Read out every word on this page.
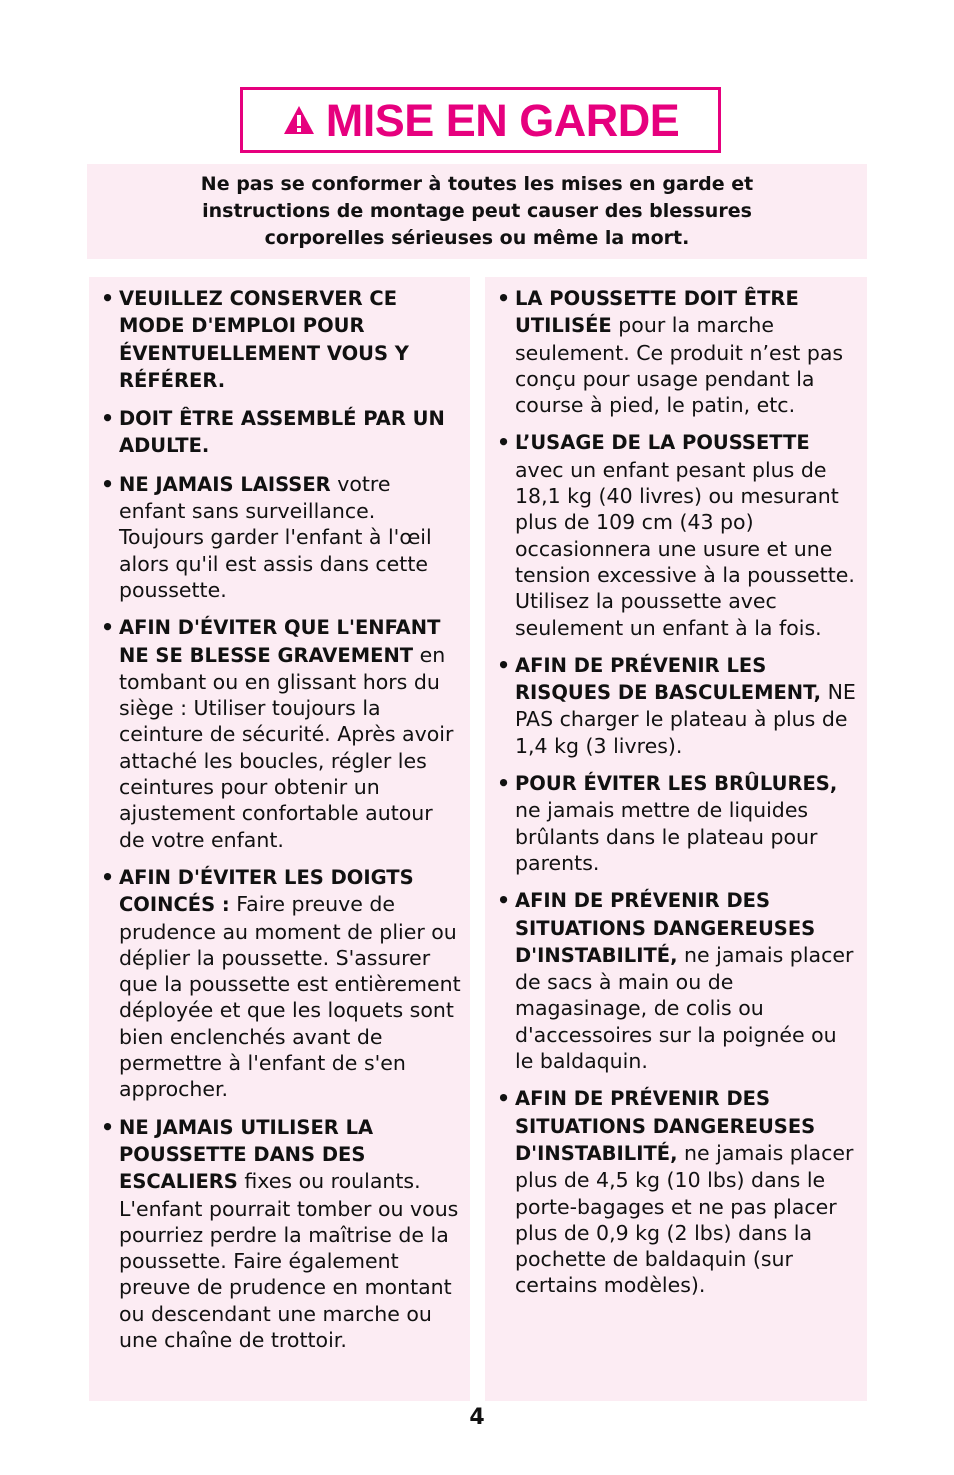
MISE EN GARDE
Ne pas se conformer à toutes les mises en garde et instructions de montage peut causer des blessures corporelles sérieuses ou même la mort.
• VEUILLEZ CONSERVER CE MODE D'EMPLOI POUR ÉVENTUELLEMENT VOUS Y RÉFÉRER.
• DOIT ÊTRE ASSEMBLÉ PAR UN ADULTE.
• NE JAMAIS LAISSER votre enfant sans surveillance. Toujours garder l'enfant à l'œil alors qu'il est assis dans cette poussette.
• AFIN D'ÉVITER QUE L'ENFANT NE SE BLESSE GRAVEMENT en tombant ou en glissant hors du siège : Utiliser toujours la ceinture de sécurité. Après avoir attaché les boucles, régler les ceintures pour obtenir un ajustement confortable autour de votre enfant.
• AFIN D'ÉVITER LES DOIGTS COINCÉS : Faire preuve de prudence au moment de plier ou déplier la poussette. S'assurer que la poussette est entièrement déployée et que les loquets sont bien enclenchés avant de permettre à l'enfant de s'en approcher.
• NE JAMAIS UTILISER LA POUSSETTE DANS DES ESCALIERS fixes ou roulants. L'enfant pourrait tomber ou vous pourriez perdre la maîtrise de la poussette. Faire également preuve de prudence en montant ou descendant une marche ou une chaîne de trottoir.
• LA POUSSETTE DOIT ÊTRE UTILISÉE pour la marche seulement. Ce produit n’est pas conçu pour usage pendant la course à pied, le patin, etc.
• L’USAGE DE LA POUSSETTE avec un enfant pesant plus de 18,1 kg (40 livres) ou mesurant plus de 109 cm (43 po) occasionnera une usure et une tension excessive à la poussette. Utilisez la poussette avec seulement un enfant à la fois.
• AFIN DE PRÉVENIR LES RISQUES DE BASCULEMENT, NE PAS charger le plateau à plus de 1,4 kg (3 livres).
• POUR ÉVITER LES BRÛLURES, ne jamais mettre de liquides brûlants dans le plateau pour parents.
• AFIN DE PRÉVENIR DES SITUATIONS DANGEREUSES D'INSTABILITÉ, ne jamais placer de sacs à main ou de magasinage, de colis ou d'accessoires sur la poignée ou le baldaquin.
• AFIN DE PRÉVENIR DES SITUATIONS DANGEREUSES D'INSTABILITÉ, ne jamais placer plus de 4,5 kg (10 lbs) dans le porte-bagages et ne pas placer plus de 0,9 kg (2 lbs) dans la pochette de baldaquin (sur certains modèles).
4
